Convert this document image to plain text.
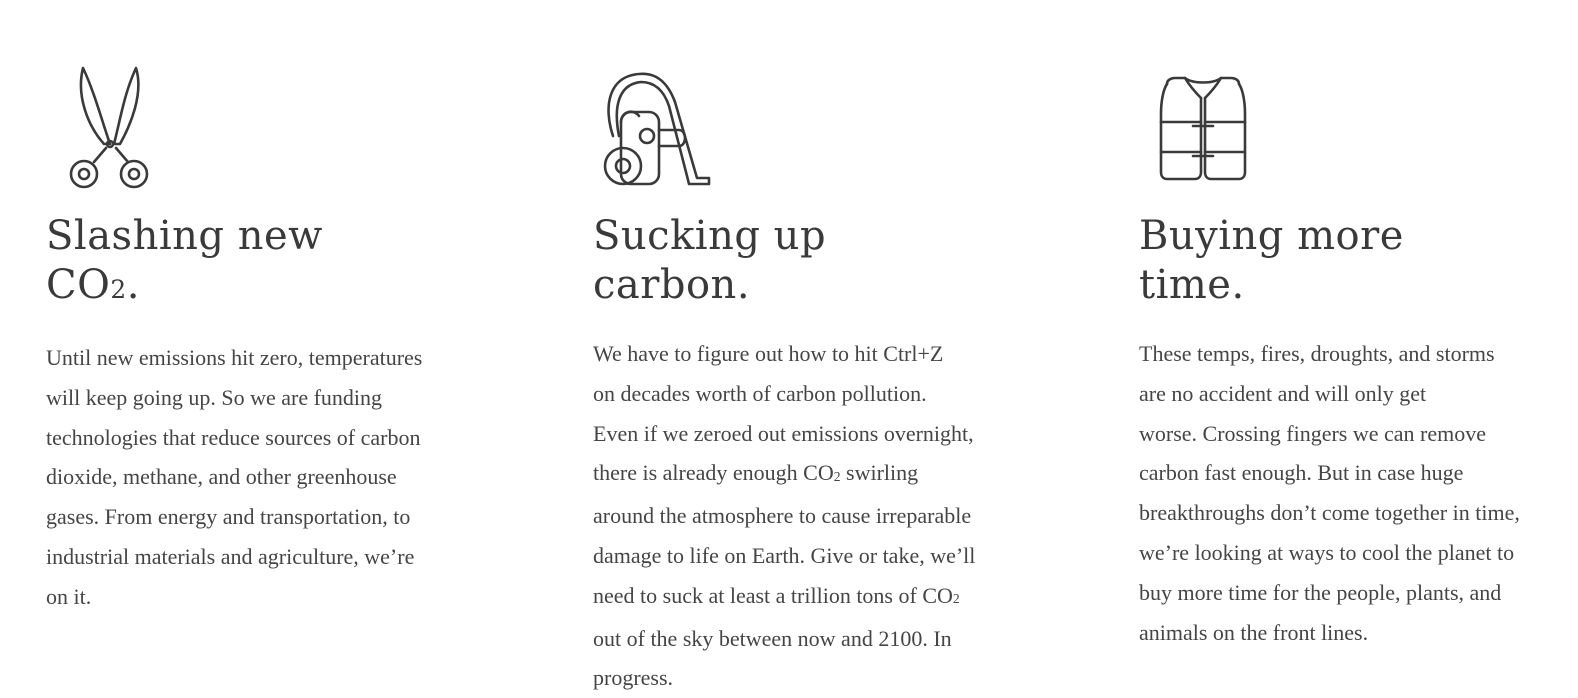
Slashing new
$CO_2$.

Until new emissions hit zero, temperatures
will keep going up. So we are funding
technologies that reduce sources of carbon
dioxide, methane, and other greenhouse
gases. From energy and transportation, to
industrial materials and agriculture, we’re
on it.

Sucking up
carbon.

We have to figure out how to hit Ctrl+Z
on decades worth of carbon pollution.
Even if we zeroed out emissions overnight,
there is already enough $CO_2$ swirling
around the atmosphere to cause irreparable
damage to life on Earth. Give or take, we’ll
need to suck at least a trillion tons of $CO_2$
out of the sky between now and 2100. In
progress.

Buying more
time.

These temps, fires, droughts, and storms
are no accident and will only get
worse. Crossing fingers we can remove
carbon fast enough. But in case huge
breakthroughs don’t come together in time,
we’re looking at ways to cool the planet to
buy more time for the people, plants, and
animals on the front lines.
